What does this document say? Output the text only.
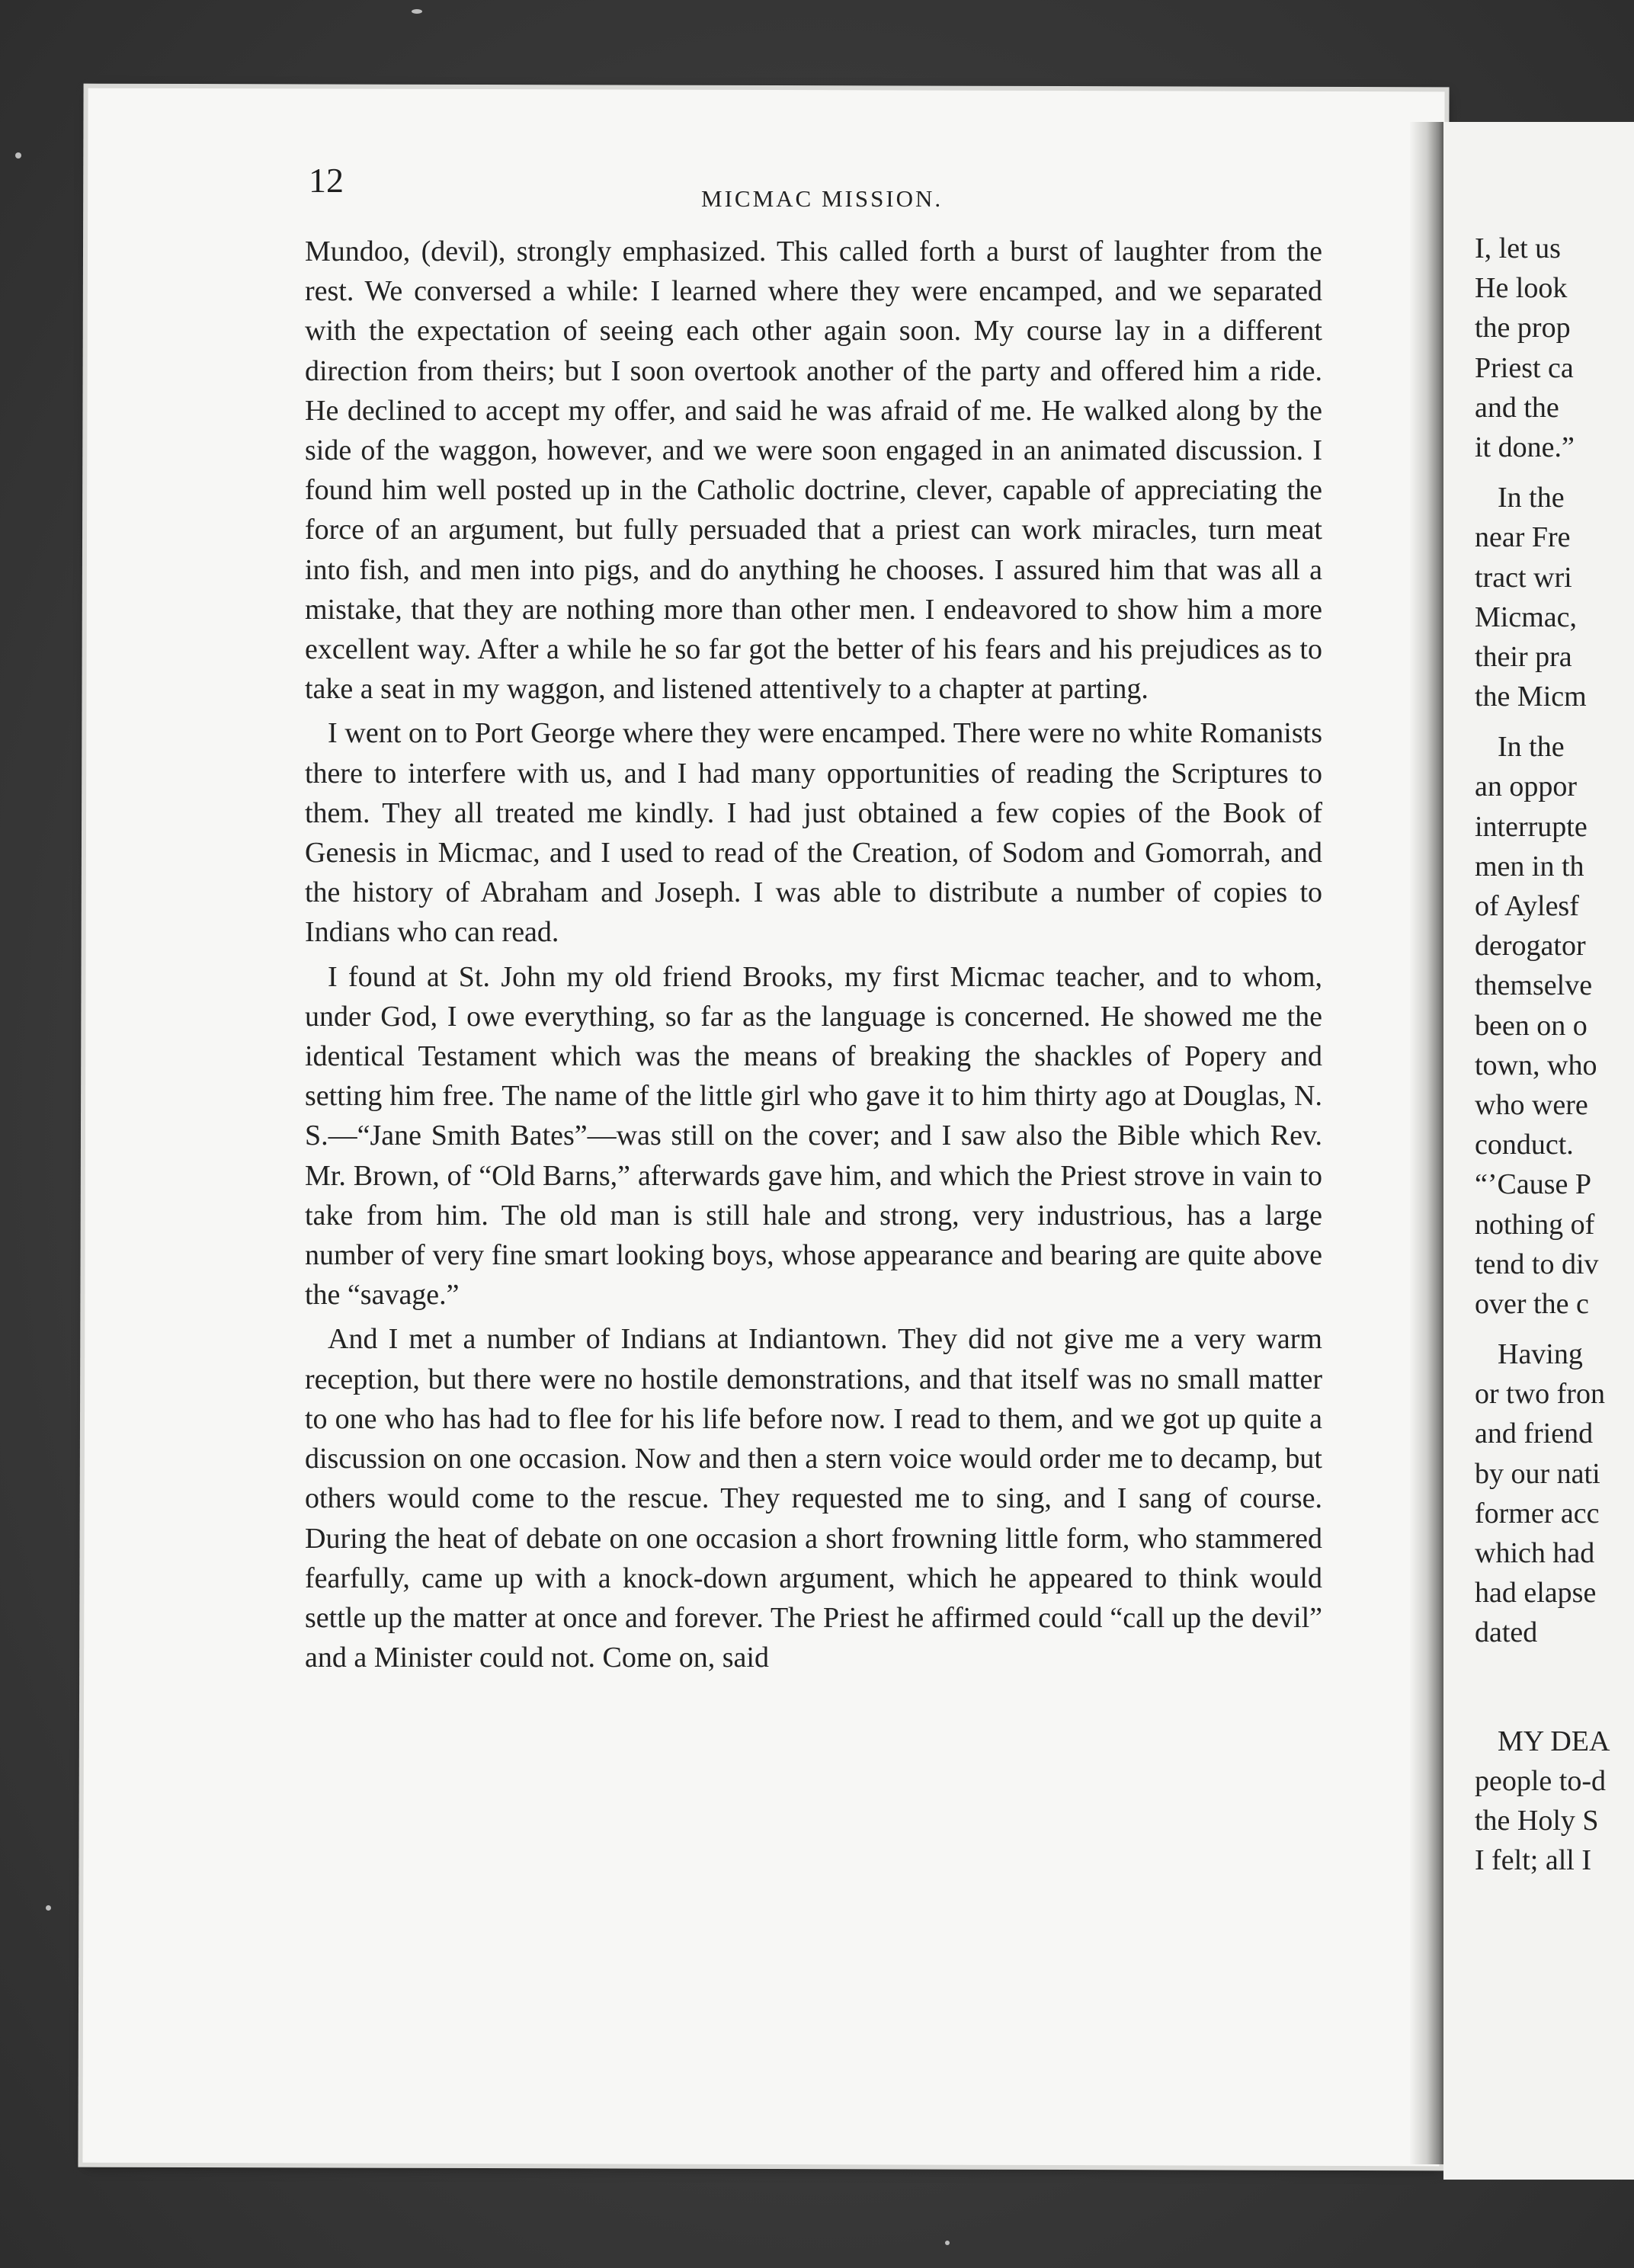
12	MICMAC MISSION.

Mundoo, (devil), strongly emphasized. This called forth a burst of laughter from the rest. We conversed a while: I learned where they were encamped, and we separated with the expectation of seeing each other again soon. My course lay in a different direction from theirs; but I soon overtook another of the party and offered him a ride. He declined to accept my offer, and said he was afraid of me. He walked along by the side of the waggon, however, and we were soon engaged in an animated discussion. I found him well posted up in the Catholic doctrine, clever, capable of appreciating the force of an argument, but fully persuaded that a priest can work miracles, turn meat into fish, and men into pigs, and do anything he chooses. I assured him that was all a mistake, that they are nothing more than other men. I endeavored to show him a more excellent way. After a while he so far got the better of his fears and his prejudices as to take a seat in my waggon, and listened attentively to a chapter at parting.

I went on to Port George where they were encamped. There were no white Romanists there to interfere with us, and I had many opportunities of reading the Scriptures to them. They all treated me kindly. I had just obtained a few copies of the Book of Genesis in Micmac, and I used to read of the Creation, of Sodom and Gomorrah, and the history of Abraham and Joseph. I was able to distribute a number of copies to Indians who can read.

I found at St. John my old friend Brooks, my first Micmac teacher, and to whom, under God, I owe everything, so far as the language is concerned. He showed me the identical Testament which was the means of breaking the shackles of Popery and setting him free. The name of the little girl who gave it to him thirty ago at Douglas, N. S.—“Jane Smith Bates”—was still on the cover; and I saw also the Bible which Rev. Mr. Brown, of “Old Barns,” afterwards gave him, and which the Priest strove in vain to take from him. The old man is still hale and strong, very industrious, has a large number of very fine smart looking boys, whose appearance and bearing are quite above the “savage.”

And I met a number of Indians at Indiantown. They did not give me a very warm reception, but there were no hostile demonstrations, and that itself was no small matter to one who has had to flee for his life before now. I read to them, and we got up quite a discussion on one occasion. Now and then a stern voice would order me to decamp, but others would come to the rescue. They requested me to sing, and I sang of course. During the heat of debate on one occasion a short frowning little form, who stammered fearfully, came up with a knock-down argument, which he appeared to think would settle up the matter at once and forever. The Priest he affirmed could “call up the devil” and a Minister could not. Come on, said

I, let us
He look
the prop
Priest ca
and the
it done.”
In the
near Fre
tract wri
Micmac,
their pra
the Micm
In the
an oppor
interrupte
men in th
of Aylesf
derogator
themselve
been on o
town, who
who were
conduct.
“’Cause P
nothing of
tend to div
over the c
Having
or two fron
and friend
by our nati
former acc
which had
had elapse
dated
MY DEA
people to-d
the Holy S
I felt; all I
